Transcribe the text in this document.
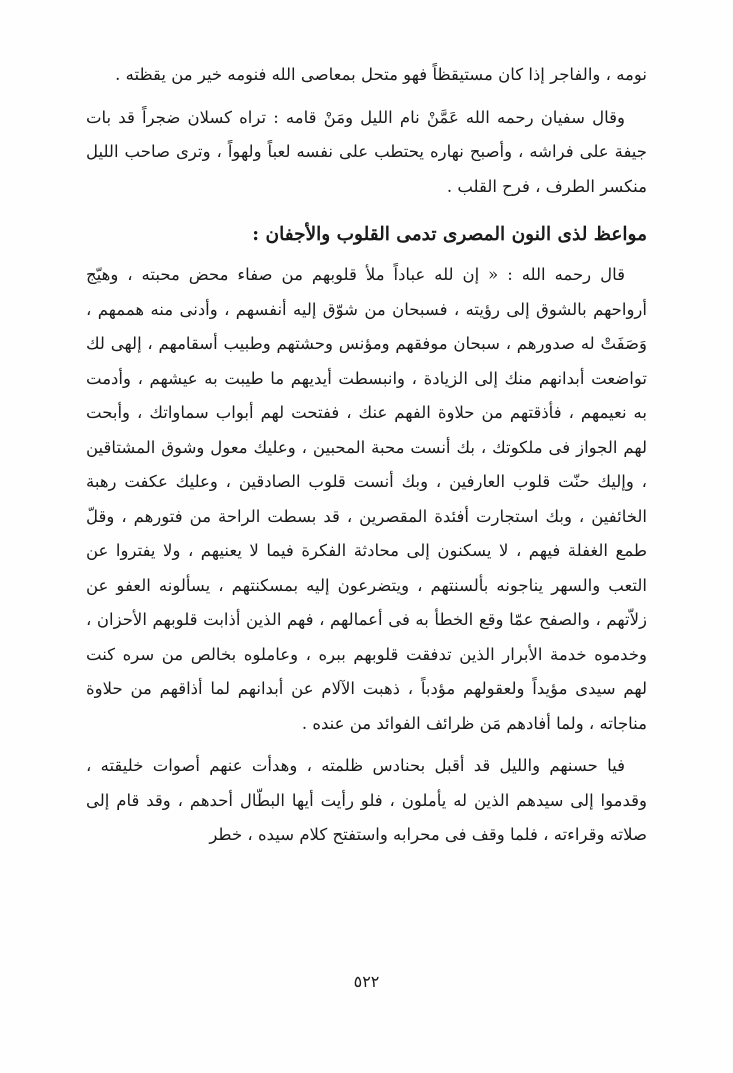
نومه ، والفاجر إذا كان مستيقظاً فهو متحل بمعاصى الله فنومه خير من يقظته .

وقال سفيان رحمه الله عَمَّنْ نام الليل ومَنْ قامه : تراه كسلان ضجراً قد بات جيفة على فراشه ، وأصبح نهاره يحتطب على نفسه لعباً ولهواً ، وترى صاحب الليل منكسر الطرف ، فرح القلب .

مواعظ لذى النون المصرى تدمى القلوب والأجفان :

قال رحمه الله : « إن لله عباداً ملأ قلوبهم من صفاء محض محبته ، وهيّج أرواحهم بالشوق إلى رؤيته ، فسبحان من شوّق إليه أنفسهم ، وأدنى منه هممهم ، وَصَفَتْ له صدورهم ، سبحان موفقهم ومؤنس وحشتهم وطبيب أسقامهم ، إلهى لك تواضعت أبدانهم منك إلى الزيادة ، وانبسطت أيديهم ما طيبت به عيشهم ، وأدمت به نعيمهم ، فأذقتهم من حلاوة الفهم عنك ، ففتحت لهم أبواب سماواتك ، وأبحت لهم الجواز فى ملكوتك ، بك أنست محبة المحبين ، وعليك معول وشوق المشتاقين ، وإليك حنّت قلوب العارفين ، وبك أنست قلوب الصادقين ، وعليك عكفت رهبة الخائفين ، وبك استجارت أفئدة المقصرين ، قد بسطت الراحة من فتورهم ، وقلّ طمع الغفلة فيهم ، لا يسكنون إلى محادثة الفكرة فيما لا يعنيهم ، ولا يفتروا عن التعب والسهر يناجونه بألسنتهم ، ويتضرعون إليه بمسكنتهم ، يسألونه العفو عن زلاّتهم ، والصفح عمّا وقع الخطأ به فى أعمالهم ، فهم الذين أذابت قلوبهم الأحزان ، وخدموه خدمة الأبرار الذين تدفقت قلوبهم ببره ، وعاملوه بخالص من سره كنت لهم سيدى مؤيداً ولعقولهم مؤدباً ، ذهبت الآلام عن أبدانهم لما أذاقهم من حلاوة مناجاته ، ولما أفادهم مَن ظرائف الفوائد من عنده .

فيا حسنهم والليل قد أقبل بحنادس ظلمته ، وهدأت عنهم أصوات خليقته ، وقدموا إلى سيدهم الذين له يأملون ، فلو رأيت أيها البطّال أحدهم ، وقد قام إلى صلاته وقراءته ، فلما وقف فى محرابه واستفتح كلام سيده ، خطر

٥٢٢
